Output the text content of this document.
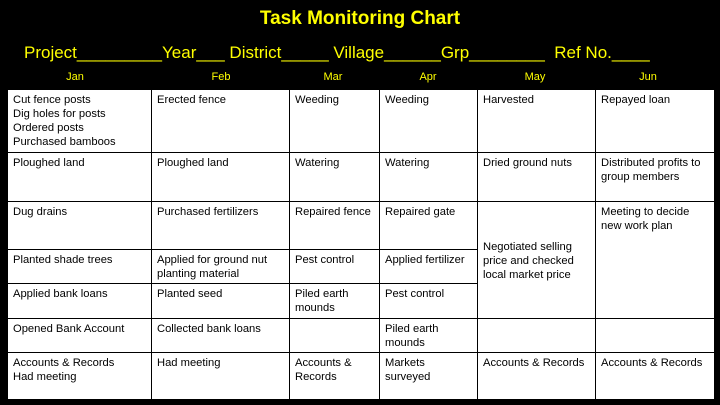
Task Monitoring Chart
Project_________Year___ District_____ Village______Grp________  Ref No.____
Jan	Feb	Mar	Apr	May	Jun
Cut fence posts
Dig holes for posts
Ordered posts
Purchased bamboos	Erected fence	Weeding	Weeding	Harvested	Repayed loan
Ploughed land	Ploughed land	Watering	Watering	Dried ground nuts	Distributed profits to group members
Dug drains	Purchased fertilizers	Repaired fence	Repaired gate	Negotiated selling price and checked local market price	Meeting to decide new work plan
Planted shade trees	Applied for ground nut planting material	Pest control	Applied fertilizer		
Applied bank loans	Planted seed	Piled earth mounds	Pest control		
Opened Bank Account	Collected bank loans		Piled earth mounds		
Accounts & Records
Had meeting	Had meeting	Accounts & Records	Markets surveyed	Accounts & Records	Accounts & Records
